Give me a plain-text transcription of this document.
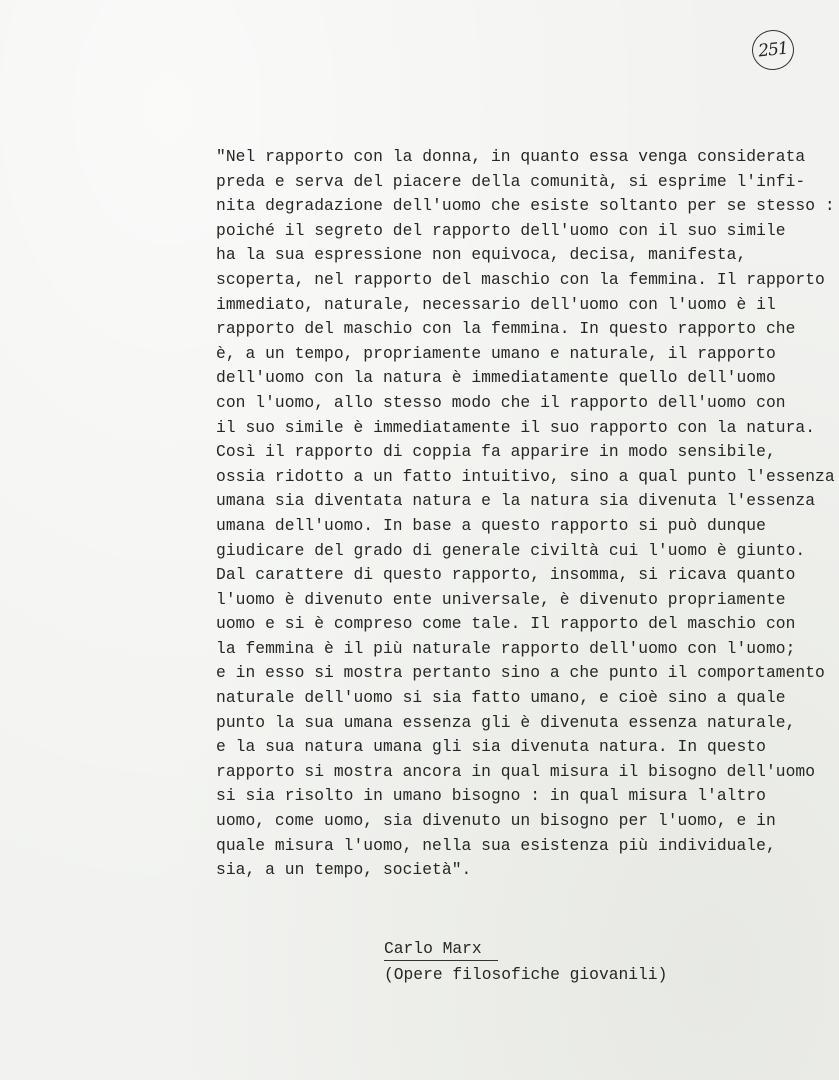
251
"Nel rapporto con la donna, in quanto essa venga considerata
preda e serva del piacere della comunità, si esprime l'infi-
nita degradazione dell'uomo che esiste soltanto per se stesso :
poiché il segreto del rapporto dell'uomo con il suo simile
ha la sua espressione non equivoca, decisa, manifesta,
scoperta, nel rapporto del maschio con la femmina. Il rapporto
immediato, naturale, necessario dell'uomo con l'uomo è il
rapporto del maschio con la femmina. In questo rapporto che
è, a un tempo, propriamente umano e naturale, il rapporto
dell'uomo con la natura è immediatamente quello dell'uomo
con l'uomo, allo stesso modo che il rapporto dell'uomo con
il suo simile è immediatamente il suo rapporto con la natura.
Così il rapporto di coppia fa apparire in modo sensibile,
ossia ridotto a un fatto intuitivo, sino a qual punto l'essenza
umana sia diventata natura e la natura sia divenuta l'essenza
umana dell'uomo. In base a questo rapporto si può dunque
giudicare del grado di generale civiltà cui l'uomo è giunto.
Dal carattere di questo rapporto, insomma, si ricava quanto
l'uomo è divenuto ente universale, è divenuto propriamente
uomo e si è compreso come tale. Il rapporto del maschio con
la femmina è il più naturale rapporto dell'uomo con l'uomo;
e in esso si mostra pertanto sino a che punto il comportamento
naturale dell'uomo si sia fatto umano, e cioè sino a quale
punto la sua umana essenza gli è divenuta essenza naturale,
e la sua natura umana gli sia divenuta natura. In questo
rapporto si mostra ancora in qual misura il bisogno dell'uomo
si sia risolto in umano bisogno : in qual misura l'altro
uomo, come uomo, sia divenuto un bisogno per l'uomo, e in
quale misura l'uomo, nella sua esistenza più individuale,
sia, a un tempo, società".
Carlo Marx
(Opere filosofiche giovanili)
